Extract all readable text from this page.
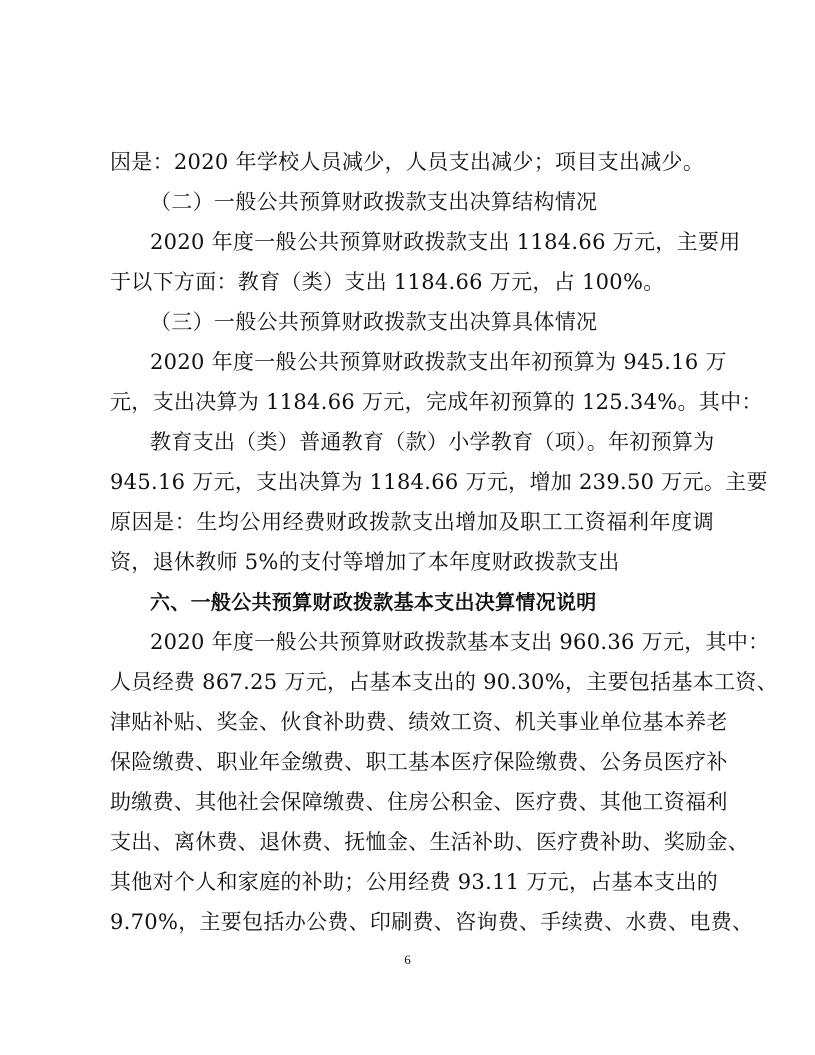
因是：2020 年学校人员减少，人员支出减少；项目支出减少。
（二）一般公共预算财政拨款支出决算结构情况
2020 年度一般公共预算财政拨款支出 1184.66 万元，主要用
于以下方面：教育（类）支出 1184.66 万元，占 100%。
（三）一般公共预算财政拨款支出决算具体情况
2020 年度一般公共预算财政拨款支出年初预算为 945.16 万
元，支出决算为 1184.66 万元，完成年初预算的 125.34%。其中：
教育支出（类）普通教育（款）小学教育（项）。年初预算为
945.16 万元，支出决算为 1184.66 万元，增加 239.50 万元。主要
原因是：生均公用经费财政拨款支出增加及职工工资福利年度调
资，退休教师 5%的支付等增加了本年度财政拨款支出
六、一般公共预算财政拨款基本支出决算情况说明
2020 年度一般公共预算财政拨款基本支出 960.36 万元，其中：
人员经费 867.25 万元，占基本支出的 90.30%，主要包括基本工资、
津贴补贴、奖金、伙食补助费、绩效工资、机关事业单位基本养老
保险缴费、职业年金缴费、职工基本医疗保险缴费、公务员医疗补
助缴费、其他社会保障缴费、住房公积金、医疗费、其他工资福利
支出、离休费、退休费、抚恤金、生活补助、医疗费补助、奖励金、
其他对个人和家庭的补助；公用经费 93.11 万元，占基本支出的
6
9.70%，主要包括办公费、印刷费、咨询费、手续费、水费、电费、
